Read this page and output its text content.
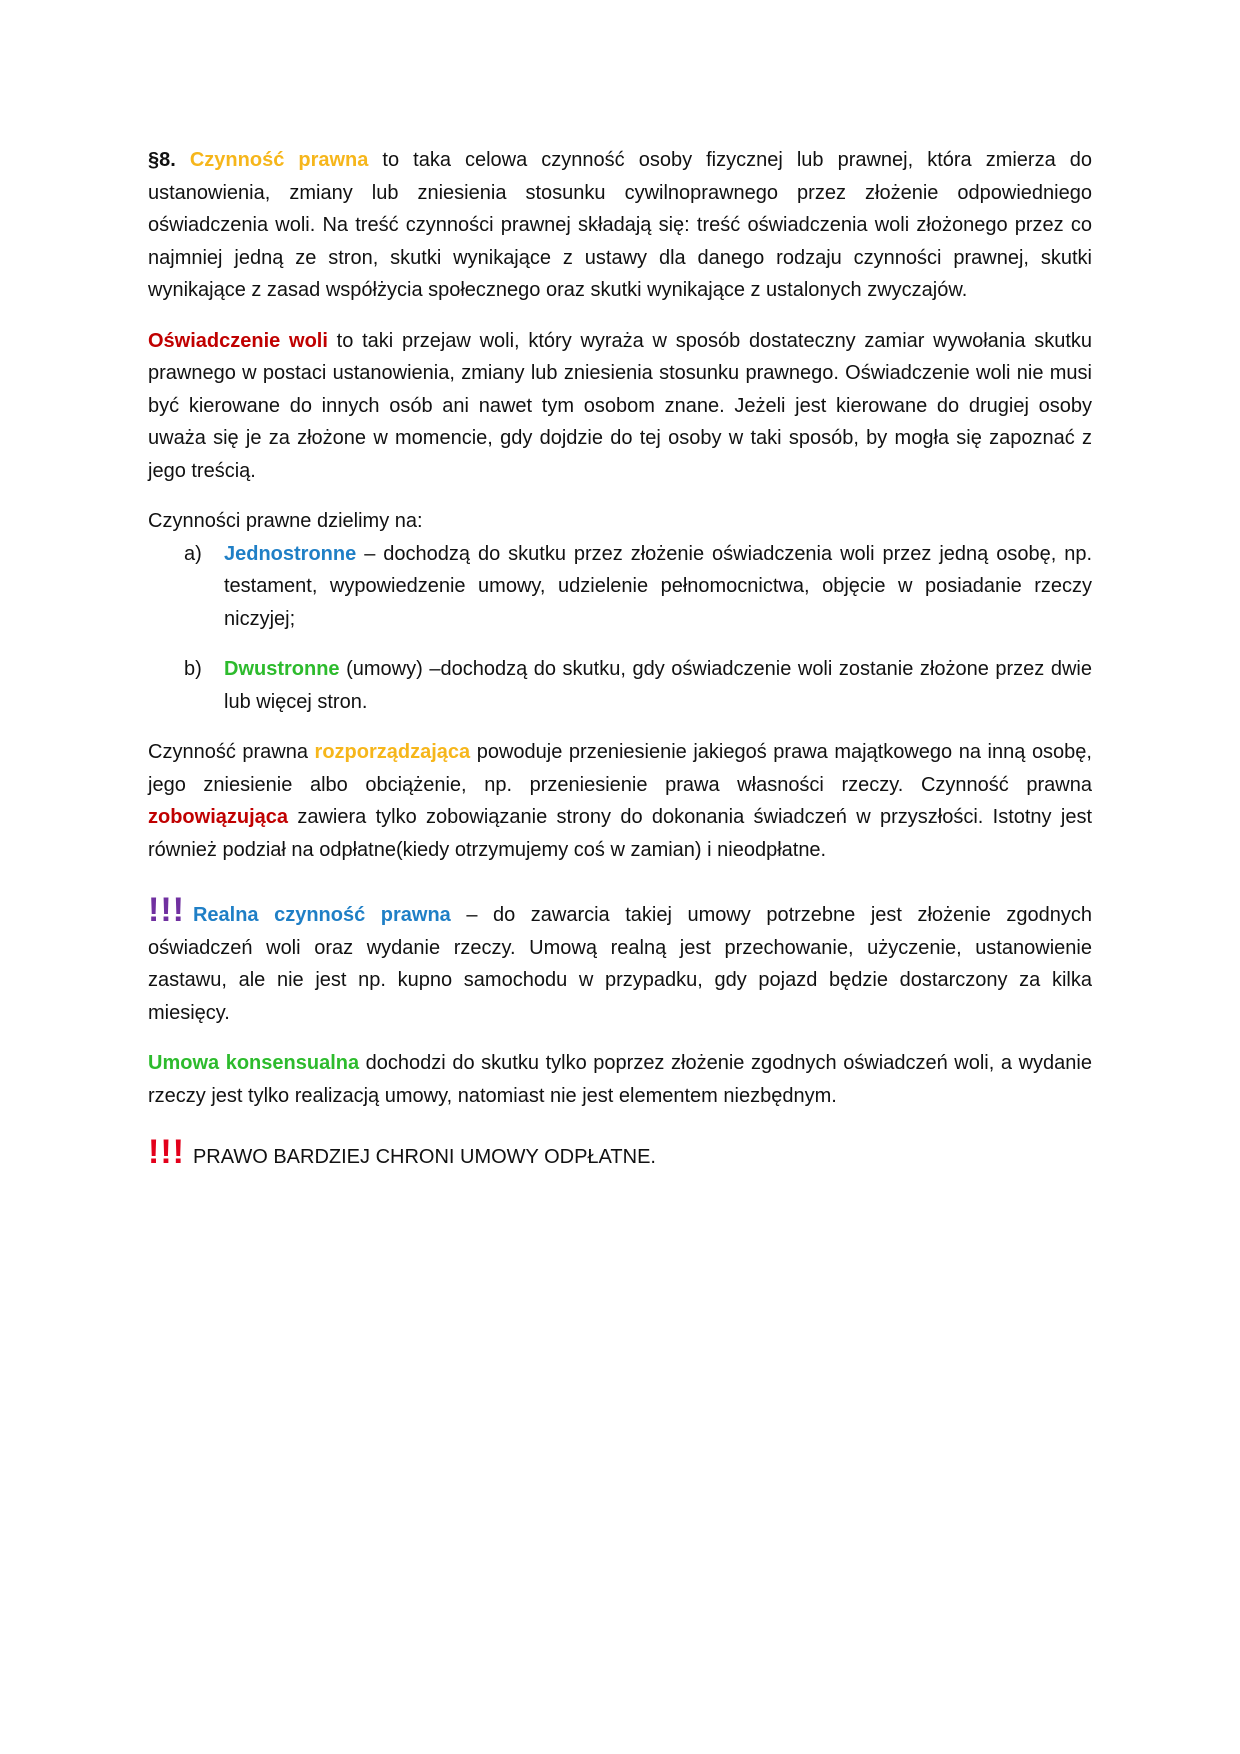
§8. Czynność prawna to taka celowa czynność osoby fizycznej lub prawnej, która zmierza do ustanowienia, zmiany lub zniesienia stosunku cywilnoprawnego przez złożenie odpowiedniego oświadczenia woli. Na treść czynności prawnej składają się: treść oświadczenia woli złożonego przez co najmniej jedną ze stron, skutki wynikające z ustawy dla danego rodzaju czynności prawnej, skutki wynikające z zasad współżycia społecznego oraz skutki wynikające z ustalonych zwyczajów.

Oświadczenie woli to taki przejaw woli, który wyraża w sposób dostateczny zamiar wywołania skutku prawnego w postaci ustanowienia, zmiany lub zniesienia stosunku prawnego. Oświadczenie woli nie musi być kierowane do innych osób ani nawet tym osobom znane. Jeżeli jest kierowane do drugiej osoby uważa się je za złożone w momencie, gdy dojdzie do tej osoby w taki sposób, by mogła się zapoznać z jego treścią.

Czynności prawne dzielimy na:

a) Jednostronne – dochodzą do skutku przez złożenie oświadczenia woli przez jedną osobę, np. testament, wypowiedzenie umowy, udzielenie pełnomocnictwa, objęcie w posiadanie rzeczy niczyjej;
b) Dwustronne (umowy) –dochodzą do skutku, gdy oświadczenie woli zostanie złożone przez dwie lub więcej stron.

Czynność prawna rozporządzająca powoduje przeniesienie jakiegoś prawa majątkowego na inną osobę, jego zniesienie albo obciążenie, np. przeniesienie prawa własności rzeczy. Czynność prawna zobowiązująca zawiera tylko zobowiązanie strony do dokonania świadczeń w przyszłości. Istotny jest również podział na odpłatne(kiedy otrzymujemy coś w zamian) i nieodpłatne.

!!! Realna czynność prawna – do zawarcia takiej umowy potrzebne jest złożenie zgodnych oświadczeń woli oraz wydanie rzeczy. Umową realną jest przechowanie, użyczenie, ustanowienie zastawu, ale nie jest np. kupno samochodu w przypadku, gdy pojazd będzie dostarczony za kilka miesięcy.

Umowa konsensualna dochodzi do skutku tylko poprzez złożenie zgodnych oświadczeń woli, a wydanie rzeczy jest tylko realizacją umowy, natomiast nie jest elementem niezbędnym.

!!! PRAWO BARDZIEJ CHRONI UMOWY ODPŁATNE.
